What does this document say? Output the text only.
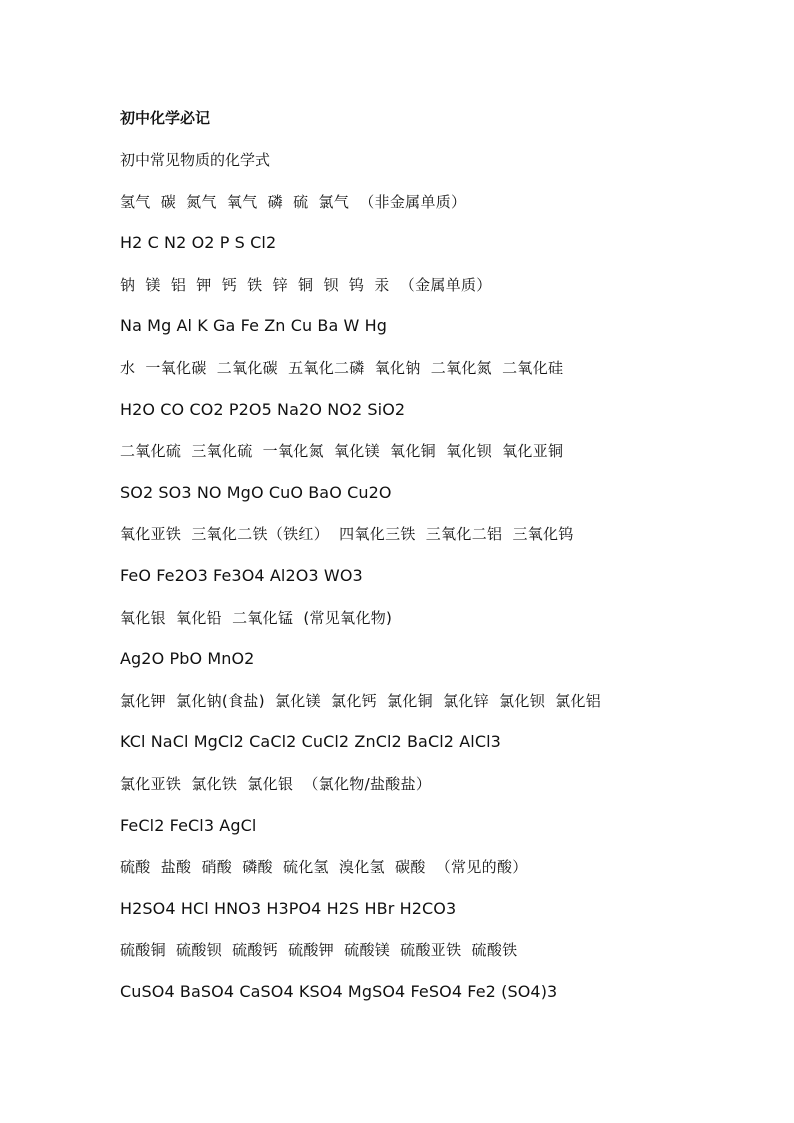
初中化学必记

初中常见物质的化学式

氢气  碳  氮气  氧气  磷  硫  氯气  （非金属单质）

H2 C N2 O2 P S Cl2

钠  镁  铝  钾  钙  铁  锌  铜  钡  钨  汞  （金属单质）

Na Mg Al K Ga Fe Zn Cu Ba W Hg

水  一氧化碳  二氧化碳  五氧化二磷  氧化钠  二氧化氮  二氧化硅

H2O CO CO2 P2O5 Na2O NO2 SiO2

二氧化硫  三氧化硫  一氧化氮  氧化镁  氧化铜  氧化钡  氧化亚铜

SO2 SO3 NO MgO CuO BaO Cu2O

氧化亚铁  三氧化二铁（铁红）  四氧化三铁  三氧化二铝  三氧化钨

FeO Fe2O3 Fe3O4 Al2O3 WO3

氧化银  氧化铅  二氧化锰  (常见氧化物)

Ag2O PbO MnO2

氯化钾  氯化钠(食盐)  氯化镁  氯化钙  氯化铜  氯化锌  氯化钡  氯化铝

KCl NaCl MgCl2 CaCl2 CuCl2 ZnCl2 BaCl2 AlCl3

氯化亚铁  氯化铁  氯化银  （氯化物/盐酸盐）

FeCl2 FeCl3 AgCl

硫酸  盐酸  硝酸  磷酸  硫化氢  溴化氢  碳酸  （常见的酸）

H2SO4 HCl HNO3 H3PO4 H2S HBr H2CO3

硫酸铜  硫酸钡  硫酸钙  硫酸钾  硫酸镁  硫酸亚铁  硫酸铁

CuSO4 BaSO4 CaSO4 KSO4 MgSO4 FeSO4 Fe2 (SO4)3
